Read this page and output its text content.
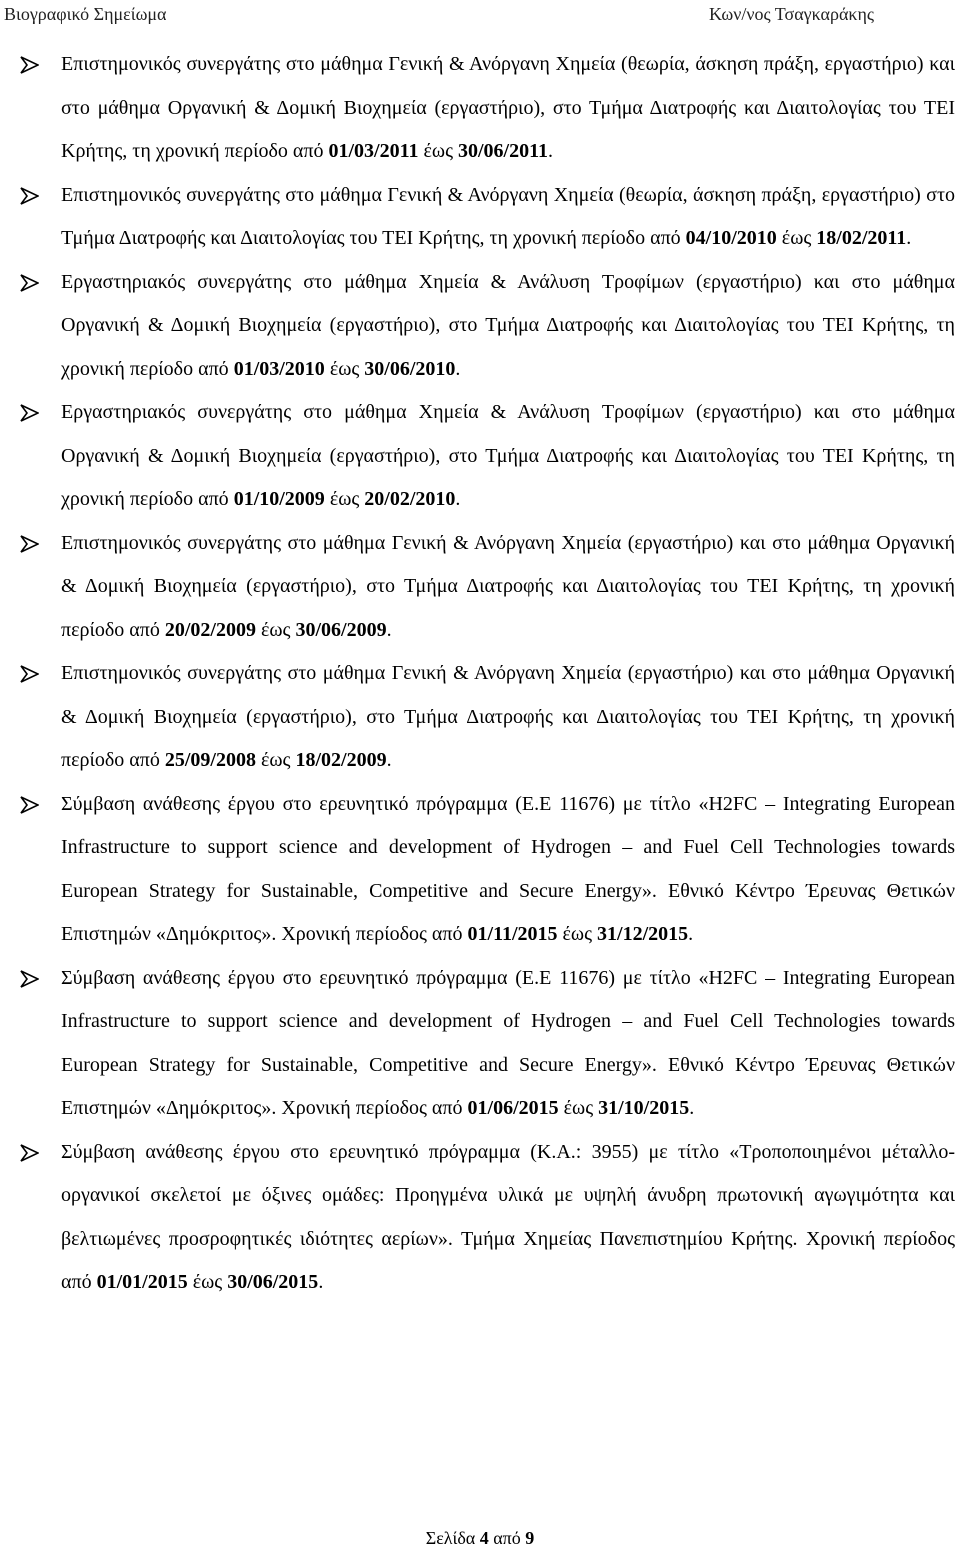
Βιογραφικό Σημείωμα	Κων/νος Τσαγκαράκης
Επιστημονικός συνεργάτης στο μάθημα Γενική & Ανόργανη Χημεία (θεωρία, άσκηση πράξη, εργαστήριο) και στο μάθημα Οργανική & Δομική Βιοχημεία (εργαστήριο), στο Τμήμα Διατροφής και Διαιτολογίας του ΤΕΙ Κρήτης, τη χρονική περίοδο από 01/03/2011 έως 30/06/2011.
Επιστημονικός συνεργάτης στο μάθημα Γενική & Ανόργανη Χημεία (θεωρία, άσκηση πράξη, εργαστήριο) στο Τμήμα Διατροφής και Διαιτολογίας του ΤΕΙ Κρήτης, τη χρονική περίοδο από 04/10/2010 έως 18/02/2011.
Εργαστηριακός συνεργάτης στο μάθημα Χημεία & Ανάλυση Τροφίμων (εργαστήριο) και στο μάθημα Οργανική & Δομική Βιοχημεία (εργαστήριο), στο Τμήμα Διατροφής και Διαιτολογίας του ΤΕΙ Κρήτης, τη χρονική περίοδο από 01/03/2010 έως 30/06/2010.
Εργαστηριακός συνεργάτης στο μάθημα Χημεία & Ανάλυση Τροφίμων (εργαστήριο) και στο μάθημα Οργανική & Δομική Βιοχημεία (εργαστήριο), στο Τμήμα Διατροφής και Διαιτολογίας του ΤΕΙ Κρήτης, τη χρονική περίοδο από 01/10/2009 έως 20/02/2010.
Επιστημονικός συνεργάτης στο μάθημα Γενική & Ανόργανη Χημεία (εργαστήριο) και στο μάθημα Οργανική & Δομική Βιοχημεία (εργαστήριο), στο Τμήμα Διατροφής και Διαιτολογίας του ΤΕΙ Κρήτης, τη χρονική περίοδο από 20/02/2009 έως 30/06/2009.
Επιστημονικός συνεργάτης στο μάθημα Γενική & Ανόργανη Χημεία (εργαστήριο) και στο μάθημα Οργανική & Δομική Βιοχημεία (εργαστήριο), στο Τμήμα Διατροφής και Διαιτολογίας του ΤΕΙ Κρήτης, τη χρονική περίοδο από 25/09/2008 έως 18/02/2009.
Σύμβαση ανάθεσης έργου στο ερευνητικό πρόγραμμα (Ε.Ε 11676) με τίτλο «H2FC – Integrating European Infrastructure to support science and development of Hydrogen – and Fuel Cell Technologies towards European Strategy for Sustainable, Competitive and Secure Energy». Εθνικό Κέντρο Έρευνας Θετικών Επιστημών «Δημόκριτος». Χρονική περίοδος από 01/11/2015 έως 31/12/2015.
Σύμβαση ανάθεσης έργου στο ερευνητικό πρόγραμμα (Ε.Ε 11676) με τίτλο «H2FC – Integrating European Infrastructure to support science and development of Hydrogen – and Fuel Cell Technologies towards European Strategy for Sustainable, Competitive and Secure Energy». Εθνικό Κέντρο Έρευνας Θετικών Επιστημών «Δημόκριτος». Χρονική περίοδος από 01/06/2015 έως 31/10/2015.
Σύμβαση ανάθεσης έργου στο ερευνητικό πρόγραμμα (Κ.Α.: 3955) με τίτλο «Τροποποιημένοι μέταλλο-οργανικοί σκελετοί με όξινες ομάδες: Προηγμένα υλικά με υψηλή άνυδρη πρωτονική αγωγιμότητα και βελτιωμένες προσροφητικές ιδιότητες αερίων». Τμήμα Χημείας Πανεπιστημίου Κρήτης. Χρονική περίοδος από 01/01/2015 έως 30/06/2015.
Σελίδα 4 από 9
